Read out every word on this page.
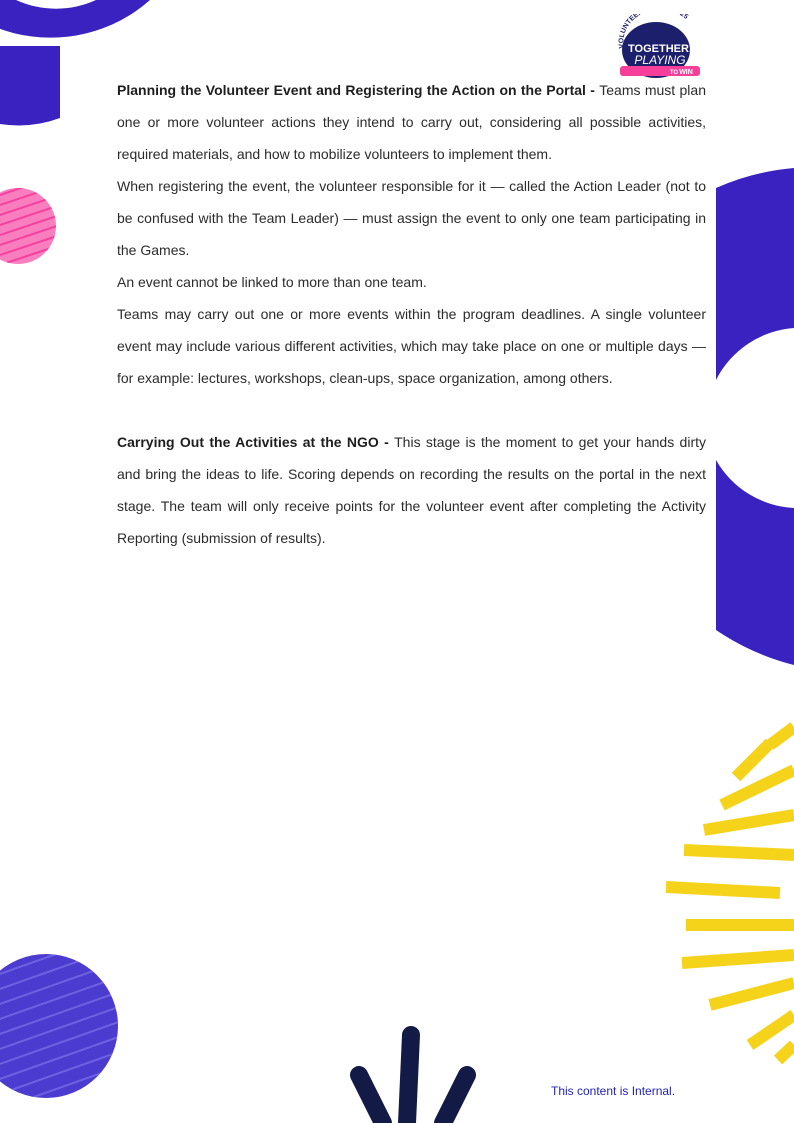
VOLUNTEE 25
TOGETHER,
PLAYING
TO WIN

Planning the Volunteer Event and Registering the Action on the Portal - Teams must plan one or more volunteer actions they intend to carry out, considering all possible activities, required materials, and how to mobilize volunteers to implement them.

When registering the event, the volunteer responsible for it — called the Action Leader (not to be confused with the Team Leader) — must assign the event to only one team participating in the Games.

An event cannot be linked to more than one team.

Teams may carry out one or more events within the program deadlines. A single volunteer event may include various different activities, which may take place on one or multiple days — for example: lectures, workshops, clean-ups, space organization, among others.

Carrying Out the Activities at the NGO - This stage is the moment to get your hands dirty and bring the ideas to life. Scoring depends on recording the results on the portal in the next stage. The team will only receive points for the volunteer event after completing the Activity Reporting (submission of results).

This content is Internal.
